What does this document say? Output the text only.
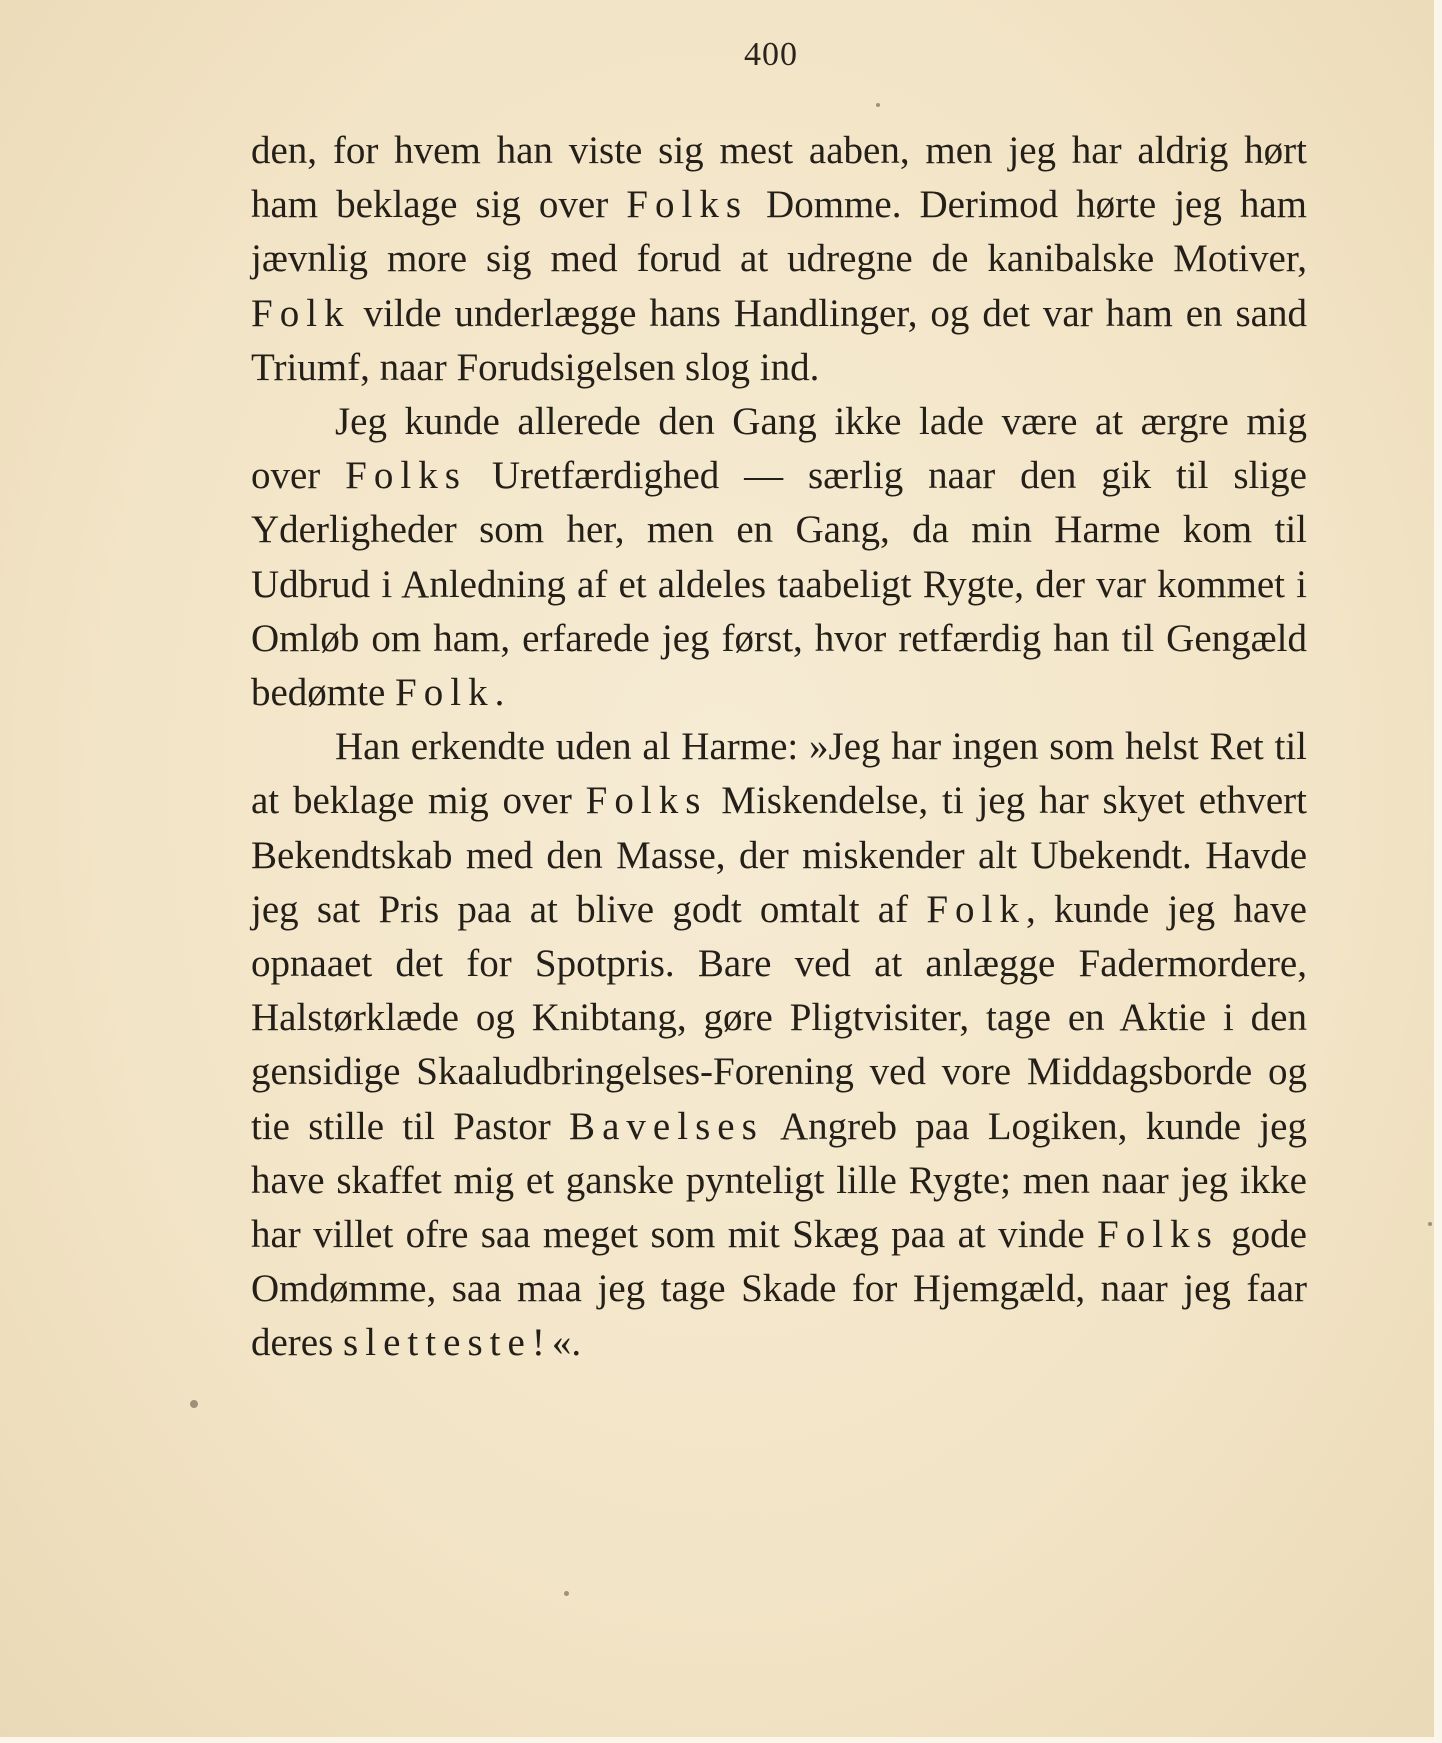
400

den, for hvem han viste sig mest aaben, men jeg har aldrig hørt ham beklage sig over Folks Domme. Derimod hørte jeg ham jævnlig more sig med forud at udregne de kanibalske Motiver, Folk vilde underlægge hans Handlinger, og det var ham en sand Triumf, naar Forudsigelsen slog ind.

Jeg kunde allerede den Gang ikke lade være at ærgre mig over Folks Uretfærdighed — særlig naar den gik til slige Yderligheder som her, men en Gang, da min Harme kom til Udbrud i Anledning af et aldeles taabeligt Rygte, der var kommet i Omløb om ham, erfarede jeg først, hvor retfærdig han til Gengæld bedømte Folk.

Han erkendte uden al Harme: »Jeg har ingen som helst Ret til at beklage mig over Folks Miskendelse, ti jeg har skyet ethvert Bekendtskab med den Masse, der miskender alt Ubekendt. Havde jeg sat Pris paa at blive godt omtalt af Folk, kunde jeg have opnaaet det for Spotpris. Bare ved at anlægge Fadermordere, Halstørklæde og Knibtang, gøre Pligtvisiter, tage en Aktie i den gensidige Skaaludbringelses-Forening ved vore Middagsborde og tie stille til Pastor Bavelses Angreb paa Logiken, kunde jeg have skaffet mig et ganske pynteligt lille Rygte; men naar jeg ikke har villet ofre saa meget som mit Skæg paa at vinde Folks gode Omdømme, saa maa jeg tage Skade for Hjemgæld, naar jeg faar deres sletteste!«.
